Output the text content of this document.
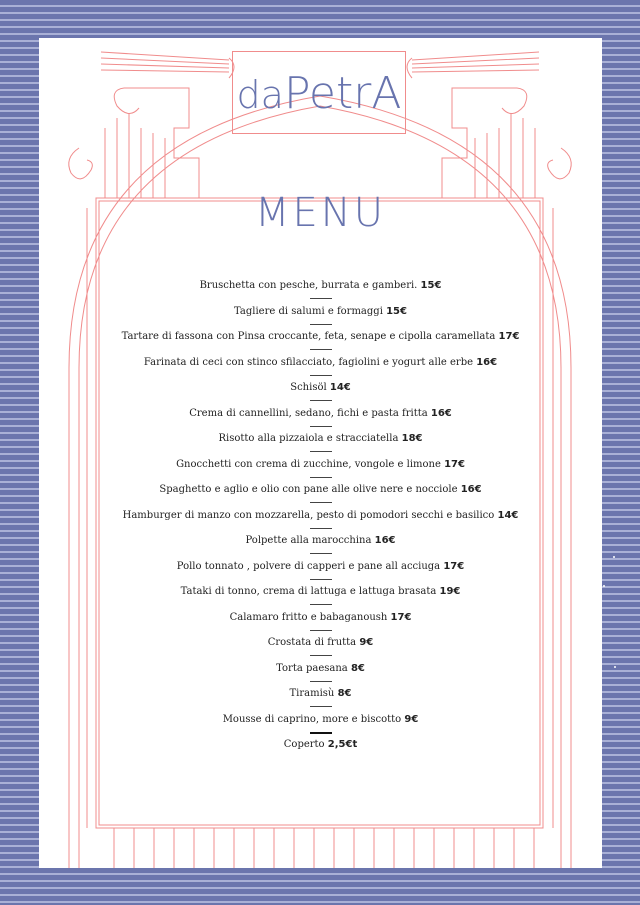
daPetrA
MENU
Bruschetta con pesche, burrata e gamberi. 15€
Tagliere di salumi e formaggi 15€
Tartare di fassona con Pinsa croccante, feta, senape e cipolla caramellata 17€
Farinata di ceci con stinco sfilacciato, fagiolini e yogurt alle erbe 16€
Schisöl 14€
Crema di cannellini, sedano, fichi e pasta fritta 16€
Risotto alla pizzaiola e stracciatella 18€
Gnocchetti con crema di zucchine, vongole e limone 17€
Spaghetto e aglio e olio con pane alle olive nere e nocciole 16€
Hamburger di manzo con mozzarella, pesto di pomodori secchi e basilico 14€
Polpette alla marocchina 16€
Pollo tonnato , polvere di capperi e pane all acciuga 17€
Tataki di tonno, crema di lattuga e lattuga brasata 19€
Calamaro fritto e babaganoush 17€
Crostata di frutta 9€
Torta paesana 8€
Tiramisù 8€
Mousse di caprino, more e biscotto 9€
Coperto 2,5€t
